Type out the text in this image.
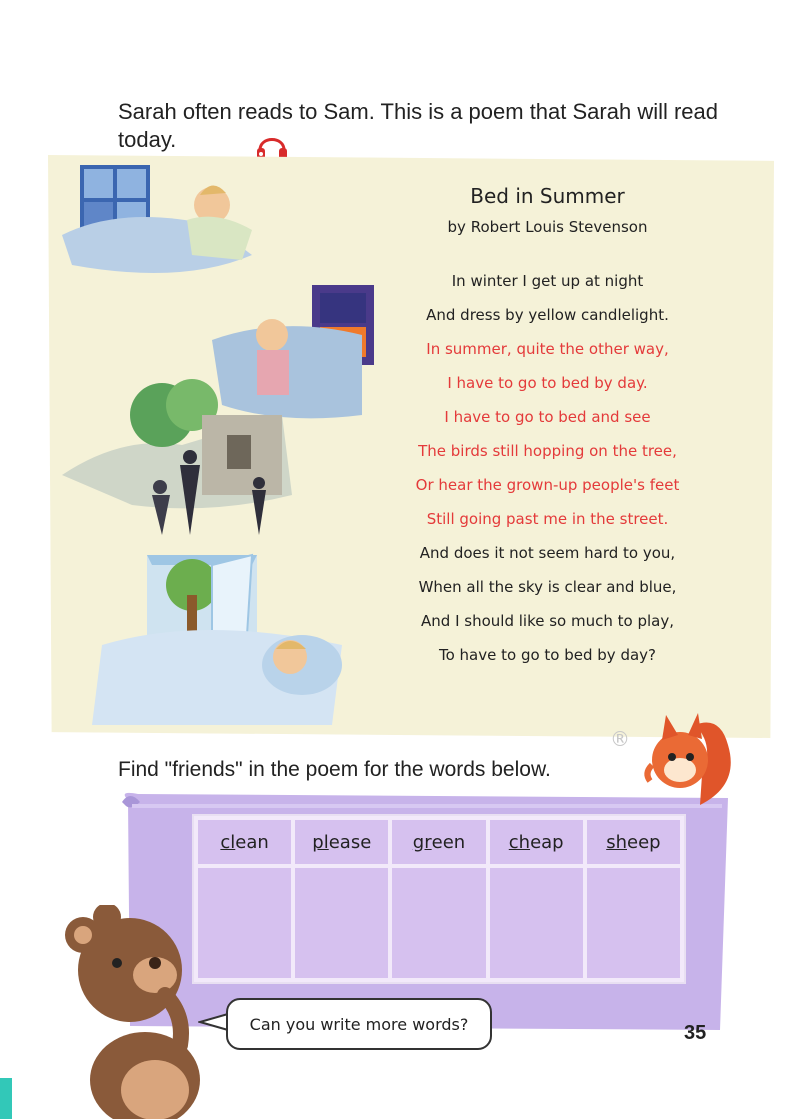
Sarah often reads to Sam. This is a poem that Sarah will read today.

Bed in Summer

by Robert Louis Stevenson

In winter I get up at night

And dress by yellow candlelight.

In summer, quite the other way,

I have to go to bed by day.

I have to go to bed and see

The birds still hopping on the tree,

Or hear the grown-up people's feet

Still going past me in the street.

And does it not seem hard to you,

When all the sky is clear and blue,

And I should like so much to play,

To have to go to bed by day?

®
Find "friends" in the poem for the words below.
cl ean pl ease gr een ch eap sh eep
Can you write more words?	35
